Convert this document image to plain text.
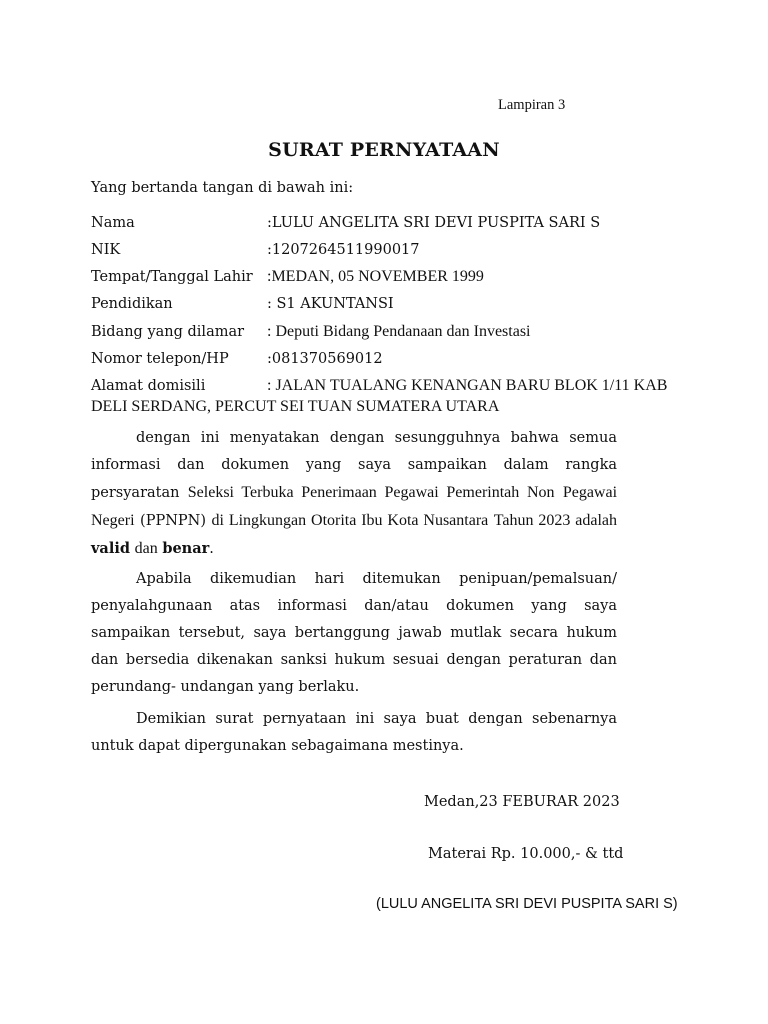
Lampiran 3
SURAT PERNYATAAN
Yang bertanda tangan di bawah ini:
Nama	:LULU ANGELITA SRI DEVI PUSPITA SARI S
NIK	:1207264511990017
Tempat/Tanggal Lahir :MEDAN, 05 NOVEMBER 1999
Pendidikan	: S1 AKUNTANSI
Bidang yang dilamar : Deputi Bidang Pendanaan dan Investasi
Nomor telepon/HP	:081370569012
Alamat domisili	: JALAN TUALANG KENANGAN BARU BLOK 1/11 KAB
DELI SERDANG, PERCUT SEI TUAN SUMATERA UTARA

dengan ini menyatakan dengan sesungguhnya bahwa semua informasi dan dokumen yang saya sampaikan dalam rangka persyaratan Seleksi Terbuka Penerimaan Pegawai Pemerintah Non Pegawai Negeri (PPNPN) di Lingkungan Otorita Ibu Kota Nusantara Tahun 2023 adalah valid dan benar.

Apabila dikemudian hari ditemukan penipuan/pemalsuan/ penyalahgunaan atas informasi dan/atau dokumen yang saya sampaikan tersebut, saya bertanggung jawab mutlak secara hukum dan bersedia dikenakan sanksi hukum sesuai dengan peraturan dan perundang- undangan yang berlaku.

Demikian surat pernyataan ini saya buat dengan sebenarnya untuk dapat dipergunakan sebagaimana mestinya.

Medan,23 FEBURAR 2023
Materai Rp. 10.000,- & ttd
(LULU ANGELITA SRI DEVI PUSPITA SARI S)
